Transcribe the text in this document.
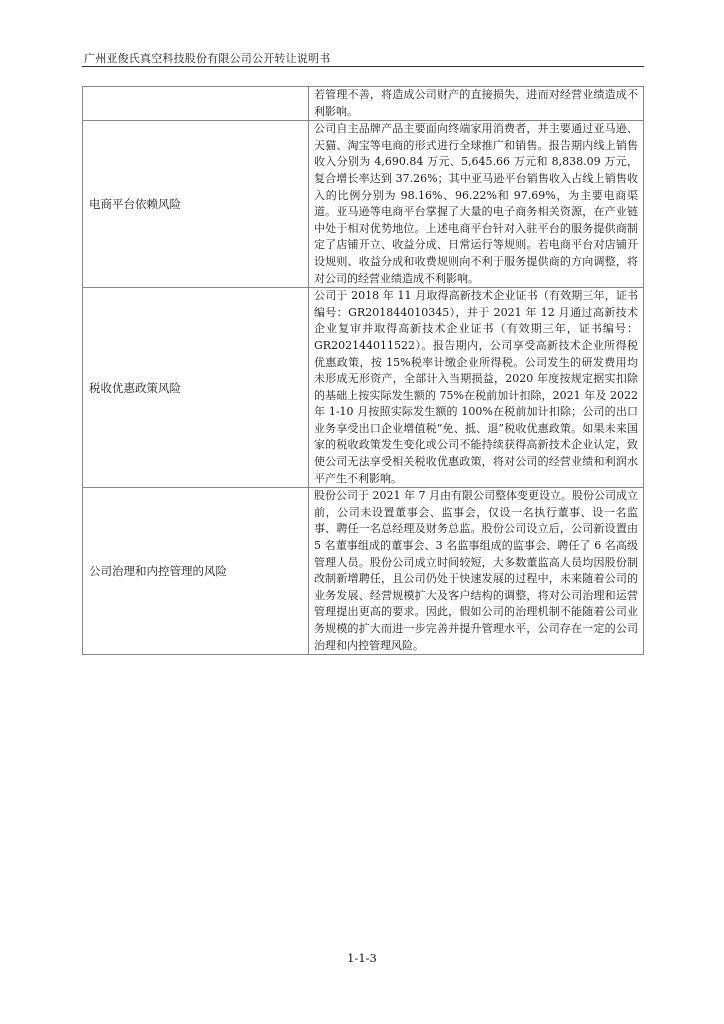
广州亚俊氏真空科技股份有限公司公开转让说明书
	若管理不善，将造成公司财产的直接损失，进而对经营业绩造成不利影响。
电商平台依赖风险	公司自主品牌产品主要面向终端家用消费者，并主要通过亚马逊、天猫、淘宝等电商的形式进行全球推广和销售。报告期内线上销售收入分别为 4,690.84 万元、5,645.66 万元和 8,838.09 万元，复合增长率达到 37.26%；其中亚马逊平台销售收入占线上销售收入的比例分别为 98.16%、96.22%和 97.69%，为主要电商渠道。亚马逊等电商平台掌握了大量的电子商务相关资源，在产业链中处于相对优势地位。上述电商平台针对入驻平台的服务提供商制定了店铺开立、收益分成、日常运行等规则。若电商平台对店铺开设规则、收益分成和收费规则向不利于服务提供商的方向调整，将对公司的经营业绩造成不利影响。
税收优惠政策风险	公司于 2018 年 11 月取得高新技术企业证书（有效期三年，证书编号：GR201844010345），并于 2021 年 12 月通过高新技术企业复审并取得高新技术企业证书（有效期三年，证书编号：GR202144011522）。报告期内，公司享受高新技术企业所得税优惠政策，按 15%税率计缴企业所得税。公司发生的研发费用均未形成无形资产，全部计入当期损益，2020 年度按规定据实扣除的基础上按实际发生额的 75%在税前加计扣除，2021 年及 2022 年 1-10 月按照实际发生额的 100%在税前加计扣除；公司的出口业务享受出口企业增值税“免、抵、退”税收优惠政策。如果未来国家的税收政策发生变化或公司不能持续获得高新技术企业认定，致使公司无法享受相关税收优惠政策，将对公司的经营业绩和利润水平产生不利影响。
公司治理和内控管理的风险	股份公司于 2021 年 7 月由有限公司整体变更设立。股份公司成立前，公司未设置董事会、监事会，仅设一名执行董事、设一名监事、聘任一名总经理及财务总监。股份公司设立后，公司新设置由 5 名董事组成的董事会、3 名监事组成的监事会、聘任了 6 名高级管理人员。股份公司成立时间较短，大多数董监高人员均因股份制改制新增聘任，且公司仍处于快速发展的过程中，未来随着公司的业务发展、经营规模扩大及客户结构的调整，将对公司治理和运营管理提出更高的要求。因此，假如公司的治理机制不能随着公司业务规模的扩大而进一步完善并提升管理水平，公司存在一定的公司治理和内控管理风险。
1-1-3
